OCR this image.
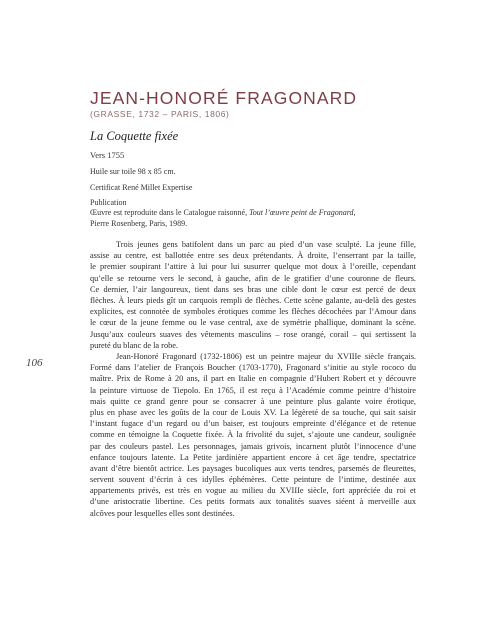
JEAN-HONORÉ FRAGONARD
(GRASSE, 1732 – PARIS, 1806)
La Coquette fixée
Vers 1755
Huile sur toile 98 x 85 cm.
Certificat René Millet Expertise
Publication
Œuvre est reproduite dans le Catalogue raisonné, Tout l’œuvre peint de Fragonard,
Pierre Rosenberg, Paris, 1989.
Trois jeunes gens batifolent dans un parc au pied d’un vase sculpté. La jeune fille,
assise au centre, est ballottée entre ses deux prétendants. À droite, l’enserrant par la taille,
le premier soupirant l’attire à lui pour lui susurrer quelque mot doux à l’oreille, cependant
qu’elle se retourne vers le second, à gauche, afin de le gratifier d’une couronne de fleurs.
Ce dernier, l’air langoureux, tient dans ses bras une cible dont le cœur est percé de deux
flèches. À leurs pieds gît un carquois rempli de flèches. Cette scène galante, au-delà des gestes
explicites, est connotée de symboles érotiques comme les flèches décochées par l’Amour dans
le cœur de la jeune femme ou le vase central, axe de symétrie phallique, dominant la scène.
Jusqu’aux couleurs suaves des vêtements masculins – rose orangé, corail – qui sertissent la
pureté du blanc de la robe.
106
Jean-Honoré Fragonard (1732-1806) est un peintre majeur du XVIIIe siècle français.
Formé dans l’atelier de François Boucher (1703-1770), Fragonard s’initie au style rococo du
maître. Prix de Rome à 20 ans, il part en Italie en compagnie d’Hubert Robert et y découvre
la peinture virtuose de Tiepolo. En 1765, il est reçu à l’Académie comme peintre d’histoire
mais quitte ce grand genre pour se consacrer à une peinture plus galante voire érotique,
plus en phase avec les goûts de la cour de Louis XV. La légèreté de sa touche, qui sait saisir
l’instant fugace d’un regard ou d’un baiser, est toujours empreinte d’élégance et de retenue
comme en témoigne la Coquette fixée. À la frivolité du sujet, s’ajoute une candeur, soulignée
par des couleurs pastel. Les personnages, jamais grivois, incarnent plutôt l’innocence d’une
enfance toujours latente. La Petite jardinière appartient encore à cet âge tendre, spectatrice
avant d’être bientôt actrice. Les paysages bucoliques aux verts tendres, parsemés de fleurettes,
servent souvent d’écrin à ces idylles éphémères. Cette peinture de l’intime, destinée aux
appartements privés, est très en vogue au milieu du XVIIIe siècle, fort appréciée du roi et
d’une aristocratie libertine. Ces petits formats aux tonalités suaves siéent à merveille aux
alcôves pour lesquelles elles sont destinées.
